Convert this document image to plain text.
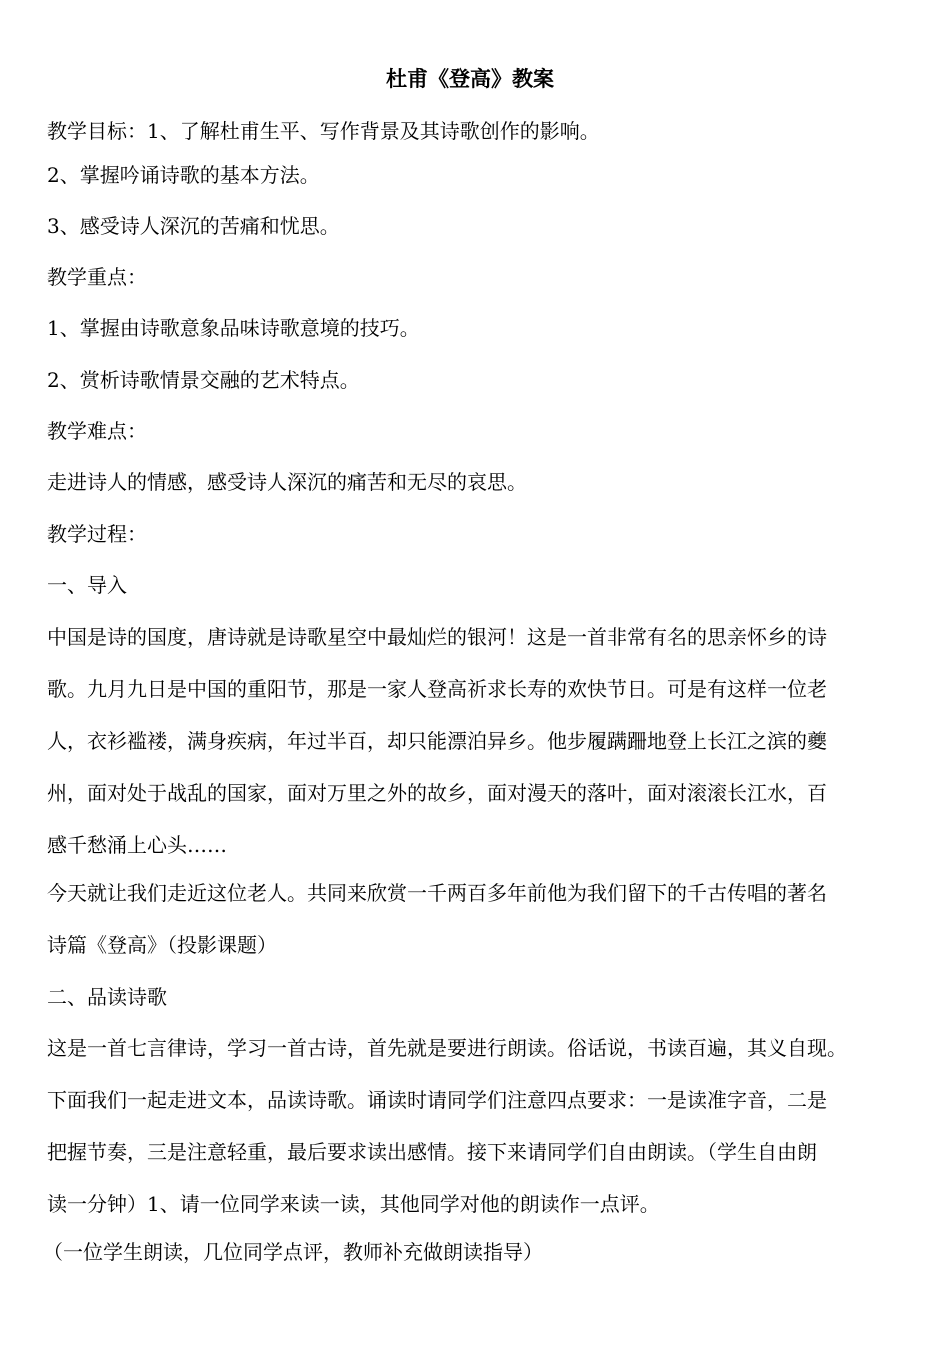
杜甫《登高》教案

教学目标：1、了解杜甫生平、写作背景及其诗歌创作的影响。

2、掌握吟诵诗歌的基本方法。

3、感受诗人深沉的苦痛和忧思。

教学重点：

1、掌握由诗歌意象品味诗歌意境的技巧。

2、赏析诗歌情景交融的艺术特点。

教学难点：

走进诗人的情感，感受诗人深沉的痛苦和无尽的哀思。

教学过程：

一、导入

中国是诗的国度，唐诗就是诗歌星空中最灿烂的银河！这是一首非常有名的思亲怀乡的诗
歌。九月九日是中国的重阳节，那是一家人登高祈求长寿的欢快节日。可是有这样一位老
人，衣衫褴褛，满身疾病，年过半百，却只能漂泊异乡。他步履蹒跚地登上长江之滨的夔
州，面对处于战乱的国家，面对万里之外的故乡，面对漫天的落叶，面对滚滚长江水，百
感千愁涌上心头……
今天就让我们走近这位老人。共同来欣赏一千两百多年前他为我们留下的千古传唱的著名
诗篇《登高》（投影课题）

二、品读诗歌

这是一首七言律诗，学习一首古诗，首先就是要进行朗读。俗话说，书读百遍，其义自现。
下面我们一起走进文本，品读诗歌。诵读时请同学们注意四点要求：一是读准字音，二是
把握节奏，三是注意轻重，最后要求读出感情。接下来请同学们自由朗读。（学生自由朗
读一分钟）1、请一位同学来读一读，其他同学对他的朗读作一点评。

（一位学生朗读，几位同学点评，教师补充做朗读指导）
